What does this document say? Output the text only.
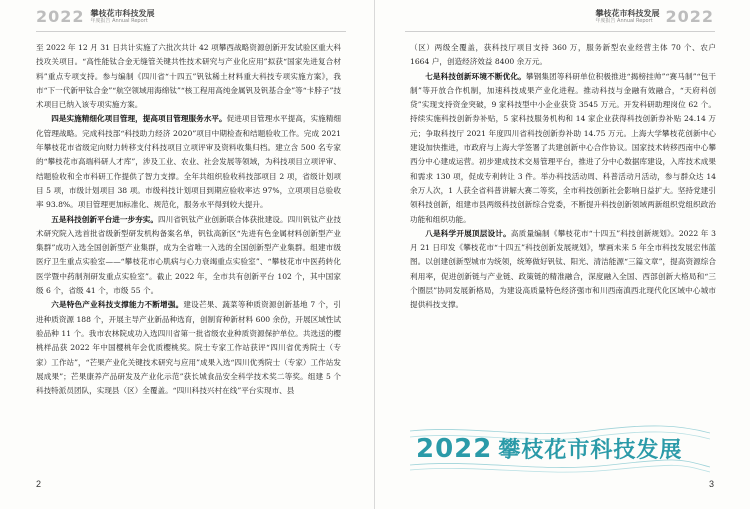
2022 攀枝花市科技发展
年度报告 Annual Report

至 2022 年 12 月 31 日共计实施了六批次共计 42 项攀西战略资源创新开发试验区重大科技攻关项目。“高性能钛合金无缝管关键共性技术研究与产业化应用”拟获“国家先进复合材料”重点专项支持。参与编制《四川省“十四五”钒钛稀土材料重大科技专项实施方案》，我市“下一代新甲钛合金”“航空领域用海绵钛”“核工程用高纯金属钒及钒基合金”等“卡脖子”技术项目已纳入该专项实施方案。

四是实施精细化项目管理，提高项目管理服务水平。促进项目管理水平提高，实施精细化管理战略。完成科技部“科技助力经济 2020”项目中期检查和结题验收工作。完成 2021 年攀枝花市省级定向财力转移支付科技项目立项评审及资料收集归档。建立含 500 名专家的“攀枝花市高端科研人才库”，涉及工业、农业、社会发展等领域，为科技项目立项评审、结题验收和全市科研工作提供了智力支撑。全年共组织验收科技部项目 2 项，省级计划项目 5 项，市级计划项目 38 项。市级科技计划项目到期应验收率达 97%，立项项目总验收率 93.8%。项目管理更加标准化、规范化，服务水平得到较大提升。

五是科技创新平台进一步夯实。四川省钒钛产业创新联合体获批建设。四川钒钛产业技术研究院入选首批省级新型研发机构备案名单，钒钛高新区“先进有色金属材料创新型产业集群”成功入选全国创新型产业集群，成为全省唯一入选的全国创新型产业集群。组建市级医疗卫生重点实验室——“攀枝花市心肌病与心力衰竭重点实验室”、“攀枝花市中医药转化医学暨中药制剂研发重点实验室”。截止 2022 年，全市共有创新平台 102 个，其中国家级 6 个，省级 41 个，市级 55 个。

六是特色产业科技支撑能力不断增强。建设芒果、蔬菜等种质资源创新基地 7 个，引进种质资源 188 个，开展主导产业新品种选育，创制育种新材料 600 余份，开展区域性试验品种 11 个。我市农林院成功入选四川省第一批省级农业种质资源保护单位。共选送的樱桃样品获 2022 年中国樱桃年会优质樱桃奖。院士专家工作站获评“四川省优秀院士（专家）工作站”，“芒果产业化关键技术研究与应用”成果入选“四川优秀院士（专家）工作站发展成果”；芒果康养产品研发及产业化示范”获长城食品安全科学技术奖二等奖。组建 5 个科技特派员团队，实现县（区）全覆盖。“四川科技兴村在线”平台实现市、县

2
攀枝花市科技发展
年度报告 Annual Report 2022

（区）两级全覆盖，获科技厅项目支持 360 万，服务新型农业经营主体 70 个、农户 1664 户，创造经济效益 8400 余万元。

七是科技创新环境不断优化。攀钢集团等科研单位积极推进“揭榜挂帅”“赛马制”“包干制”等开放合作机制，加速科技成果产业化进程。推动科技与金融有效融合，“天府科创贷”实现支持资金突破，9 家科技型中小企业获贷 3545 万元。开发科研助理岗位 62 个。持续实施科技创新券补贴，5 家科技服务机构和 14 家企业获得科技创新券补贴 24.14 万元；争取科技厅 2021 年度四川省科技创新券补助 14.75 万元。上海大学攀枝花创新中心建设加快推进，市政府与上海大学签署了共建创新中心合作协议。国家技术转移西南中心攀西分中心建成运营。初步建成技术交易管理平台，推进了分中心数据库建设，入库技术成果和需求 130 项，促成专利转让 3 件。举办科技活动周、科普活动月活动，参与群众达 14 余万人次，1 人获全省科普讲解大赛二等奖，全市科技创新社会影响日益扩大。坚持党建引领科技创新，组建市县两级科技创新综合党委，不断提升科技创新领域两新组织党组织政治功能和组织功能。

八是科学开展顶层设计。高质量编制《攀枝花市“十四五”科技创新规划》。2022 年 3 月 21 日印发《攀枝花市“十四五”科技创新发展规划》，擘画未来 5 年全市科技发展宏伟蓝图。以创建创新型城市为统领，统筹做好钒钛、阳光、清洁能源“三篇文章”，提高资源综合利用率，促进创新链与产业链、政策链的精准融合，深度融入全国、西部创新大格局和“三个圈层”协同发展新格局，为建设高质量特色经济强市和川西南滇西北现代化区域中心城市提供科技支撑。

2022 攀枝花市科技发展
3
